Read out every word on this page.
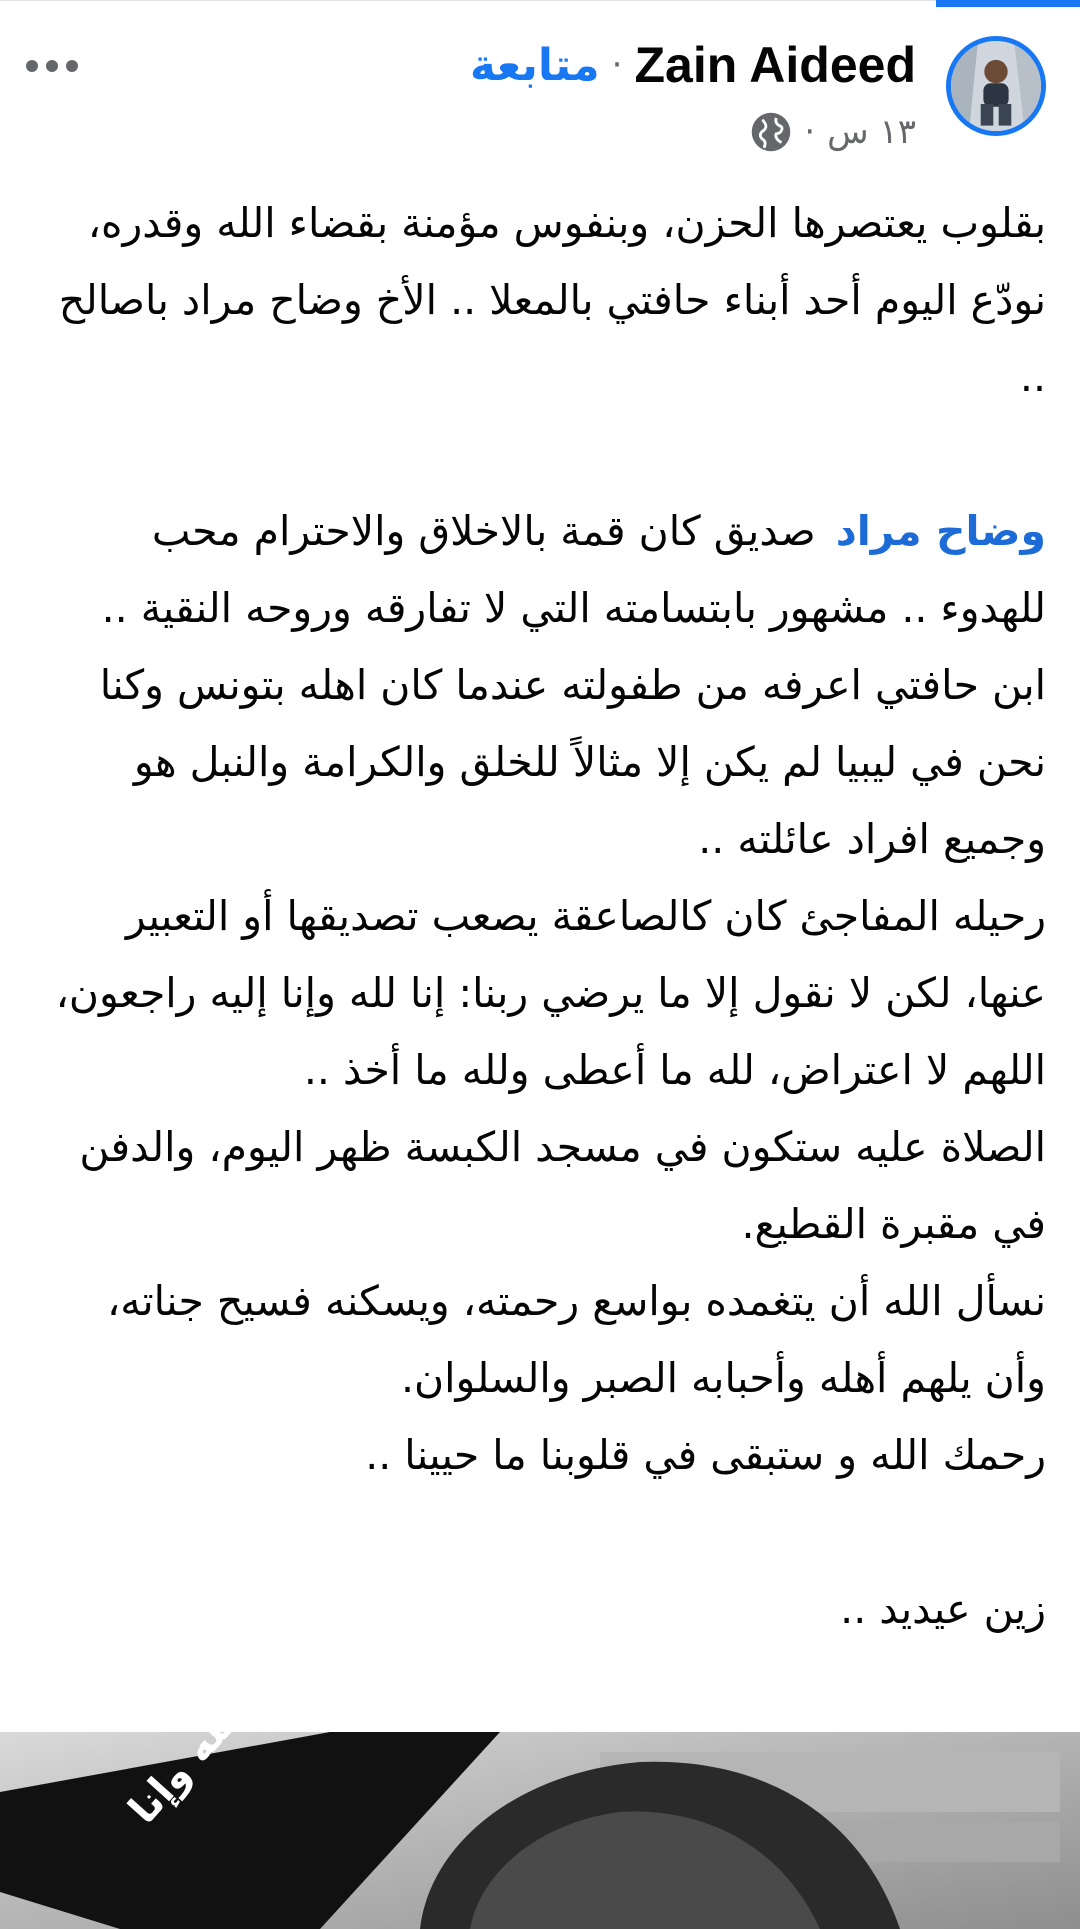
Zain Aideed
·
متابعة
١٣ س
·

بقلوب يعتصرها الحزن، وبنفوس مؤمنة بقضاء الله وقدره، نودّع اليوم أحد أبناء حافتي بالمعلا .. الأخ وضاح مراد باصالح ..

وضاح مرادصديق كان قمة بالاخلاق والاحترام محب للهدوء .. مشهور بابتسامته التي لا تفارقه وروحه النقية ..

ابن حافتي اعرفه من طفولته عندما كان اهله بتونس وكنا نحن في ليبيا لم يكن إلا مثالاً للخلق والكرامة والنبل هو وجميع افراد عائلته ..

رحيله المفاجئ كان كالصاعقة يصعب تصديقها أو التعبير عنها، لكن لا نقول إلا ما يرضي ربنا: إنا لله وإنا إليه راجعون، اللهم لا اعتراض، لله ما أعطى ولله ما أخذ ..

الصلاة عليه ستكون في مسجد الكبسة ظهر اليوم، والدفن في مقبرة القطيع.

نسأل الله أن يتغمده بواسع رحمته، ويسكنه فسيح جناته، وأن يلهم أهله وأحبابه الصبر والسلوان.

رحمك الله و ستبقى في قلوبنا ما حيينا ..

زين عيديد ..
